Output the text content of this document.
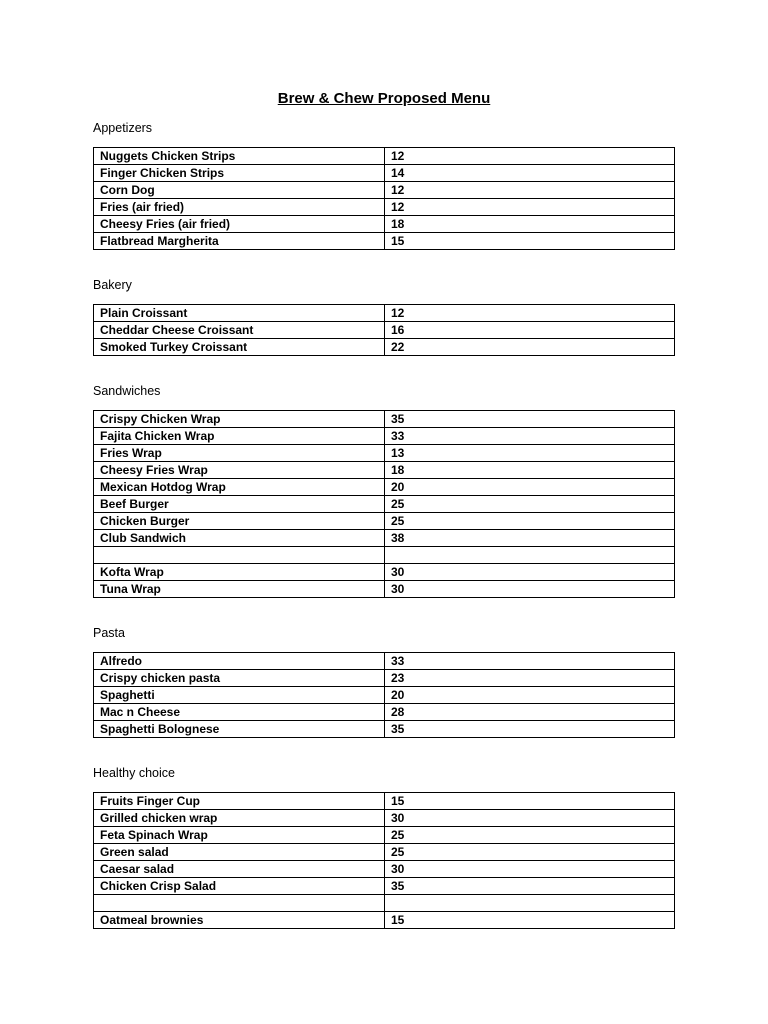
Brew & Chew Proposed Menu
Appetizers
Nuggets Chicken Strips	12
Finger Chicken Strips	14
Corn Dog	12
Fries (air fried)	12
Cheesy Fries (air fried)	18
Flatbread Margherita	15
Bakery
Plain Croissant	12
Cheddar Cheese Croissant	16
Smoked Turkey Croissant	22
Sandwiches
Crispy Chicken Wrap	35
Fajita Chicken Wrap	33
Fries Wrap	13
Cheesy Fries Wrap	18
Mexican Hotdog Wrap	20
Beef Burger	25
Chicken Burger	25
Club Sandwich	38

Kofta Wrap	30
Tuna Wrap	30
Pasta
Alfredo	33
Crispy chicken pasta	23
Spaghetti	20
Mac n Cheese	28
Spaghetti Bolognese	35
Healthy choice
Fruits Finger Cup	15
Grilled chicken wrap	30
Feta Spinach Wrap	25
Green salad	25
Caesar salad	30
Chicken Crisp Salad	35

Oatmeal brownies	15
